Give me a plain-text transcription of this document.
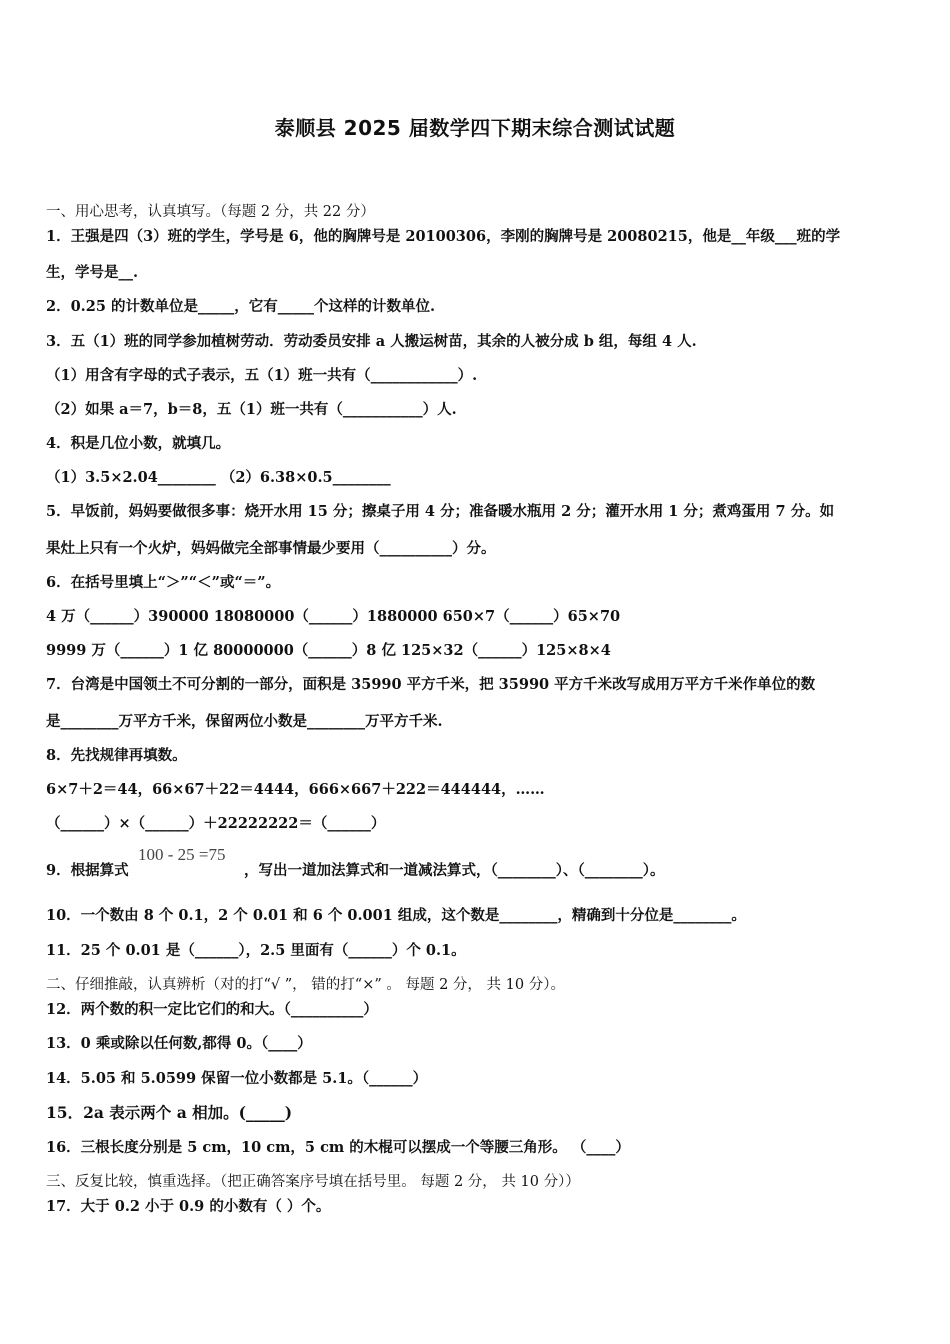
泰顺县 2025 届数学四下期末综合测试试题
一、用心思考，认真填写。（每题 2 分，共 22 分）
1．王强是四（3）班的学生，学号是 6，他的胸牌号是 20100306，李刚的胸牌号是 20080215，他是__年级___班的学
生，学号是__.
2．0.25 的计数单位是_____，它有_____个这样的计数单位.
3．五（1）班的同学参加植树劳动．劳动委员安排 a 人搬运树苗，其余的人被分成 b 组，每组 4 人.
（1）用含有字母的式子表示，五（1）班一共有（____________）.
（2）如果 a＝7，b＝8，五（1）班一共有（___________）人.
4．积是几位小数，就填几。
（1）3.5×2.04________ （2）6.38×0.5________
5．早饭前，妈妈要做很多事：烧开水用 15 分；擦桌子用 4 分；准备暖水瓶用 2 分；灌开水用 1 分；煮鸡蛋用 7 分。如
果灶上只有一个火炉，妈妈做完全部事情最少要用（__________）分。
6．在括号里填上“＞”“＜”或“＝”。
4 万（______）390000 18080000（______）1880000 650×7（______）65×70
9999 万（______）1 亿 80000000（______）8 亿 125×32（______）125×8×4
7．台湾是中国领土不可分割的一部分，面积是 35990 平方千米，把 35990 平方千米改写成用万平方千米作单位的数
是________万平方千米，保留两位小数是________万平方千米.
8．先找规律再填数。
6×7＋2＝44，66×67＋22＝4444，666×667＋222＝444444，……
（______）×（______）＋22222222＝（______）
9．根据算式
100 - 25 =75
，写出一道加法算式和一道减法算式，（________）、（________）。
10．一个数由 8 个 0.1，2 个 0.01 和 6 个 0.001 组成，这个数是________，精确到十分位是________。
11．25 个 0.01 是（______），2.5 里面有（______）个 0.1。
二、仔细推敲，认真辨析（对的打“√ ”， 错的打“×” 。 每题 2 分， 共 10 分）。
12．两个数的积一定比它们的和大。（__________）
13．0 乘或除以任何数,都得 0。（____）
14．5.05 和 5.0599 保留一位小数都是 5.1。（______）
15．2a 表示两个 a 相加。(_____)
16．三根长度分别是 5 cm，10 cm，5 cm 的木棍可以摆成一个等腰三角形。 （____）
三、反复比较，慎重选择。（把正确答案序号填在括号里。 每题 2 分， 共 10 分））
17．大于 0.2 小于 0.9 的小数有（ ）个。
